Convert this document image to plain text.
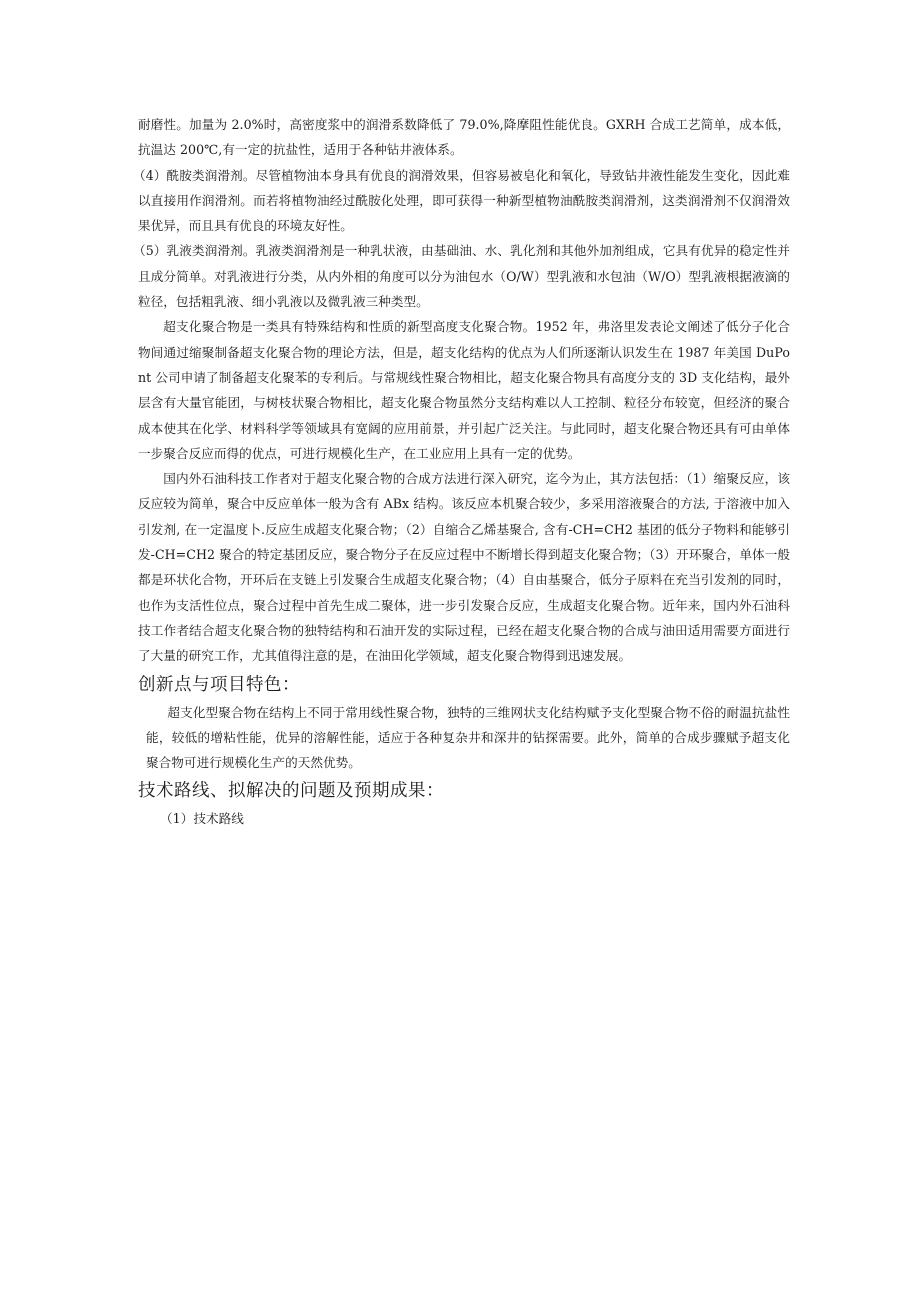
耐磨性。加量为 2.0%时，高密度浆中的润滑系数降低了 79.0%,降摩阻性能优良。GXRH 合成工艺简单，成本低，抗温达 200℃,有一定的抗盐性，适用于各种钻井液体系。

（4）酰胺类润滑剂。尽管植物油本身具有优良的润滑效果，但容易被皂化和氧化，导致钻井液性能发生变化，因此难以直接用作润滑剂。而若将植物油经过酰胺化处理，即可获得一种新型植物油酰胺类润滑剂，这类润滑剂不仅润滑效果优异，而且具有优良的环境友好性。

（5）乳液类润滑剂。乳液类润滑剂是一种乳状液，由基础油、水、乳化剂和其他外加剂组成，它具有优异的稳定性并且成分简单。对乳液进行分类，从内外相的角度可以分为油包水（O/W）型乳液和水包油（W/O）型乳液根据液滴的粒径，包括粗乳液、细小乳液以及微乳液三种类型。

超支化聚合物是一类具有特殊结构和性质的新型高度支化聚合物。1952 年，弗洛里发表论文阐述了低分子化合物间通过缩聚制备超支化聚合物的理论方法，但是，超支化结构的优点为人们所逐渐认识发生在 1987 年美国 DuPont 公司申请了制备超支化聚苯的专利后。与常规线性聚合物相比，超支化聚合物具有高度分支的 3D 支化结构，最外层含有大量官能团，与树枝状聚合物相比，超支化聚合物虽然分支结构难以人工控制、粒径分布较宽，但经济的聚合成本使其在化学、材料科学等领域具有宽阔的应用前景，并引起广泛关注。与此同时，超支化聚合物还具有可由单体一步聚合反应而得的优点，可进行规模化生产，在工业应用上具有一定的优势。

国内外石油科技工作者对于超支化聚合物的合成方法进行深入研究，迄今为止，其方法包括：（1）缩聚反应，该反应较为简单，聚合中反应单体一般为含有 ABx 结构。该反应本机聚合较少，多采用溶液聚合的方法, 于溶液中加入引发剂, 在一定温度卜.反应生成超支化聚合物；（2）自缩合乙烯基聚合, 含有-CH=CH2 基团的低分子物料和能够引发-CH=CH2 聚合的特定基团反应，聚合物分子在反应过程中不断增长得到超支化聚合物；（3）开环聚合，单体一般都是环状化合物，开环后在支链上引发聚合生成超支化聚合物；（4）自由基聚合，低分子原料在充当引发剂的同时，也作为支活性位点，聚合过程中首先生成二聚体，进一步引发聚合反应，生成超支化聚合物。近年来，国内外石油科技工作者结合超支化聚合物的独特结构和石油开发的实际过程，已经在超支化聚合物的合成与油田适用需要方面进行了大量的研究工作，尤其值得注意的是，在油田化学领域，超支化聚合物得到迅速发展。

创新点与项目特色：

超支化型聚合物在结构上不同于常用线性聚合物，独特的三维网状支化结构赋予支化型聚合物不俗的耐温抗盐性能，较低的增粘性能，优异的溶解性能，适应于各种复杂井和深井的钻探需要。此外，简单的合成步骤赋予超支化聚合物可进行规模化生产的天然优势。

技术路线、拟解决的问题及预期成果：

（1）技术路线
